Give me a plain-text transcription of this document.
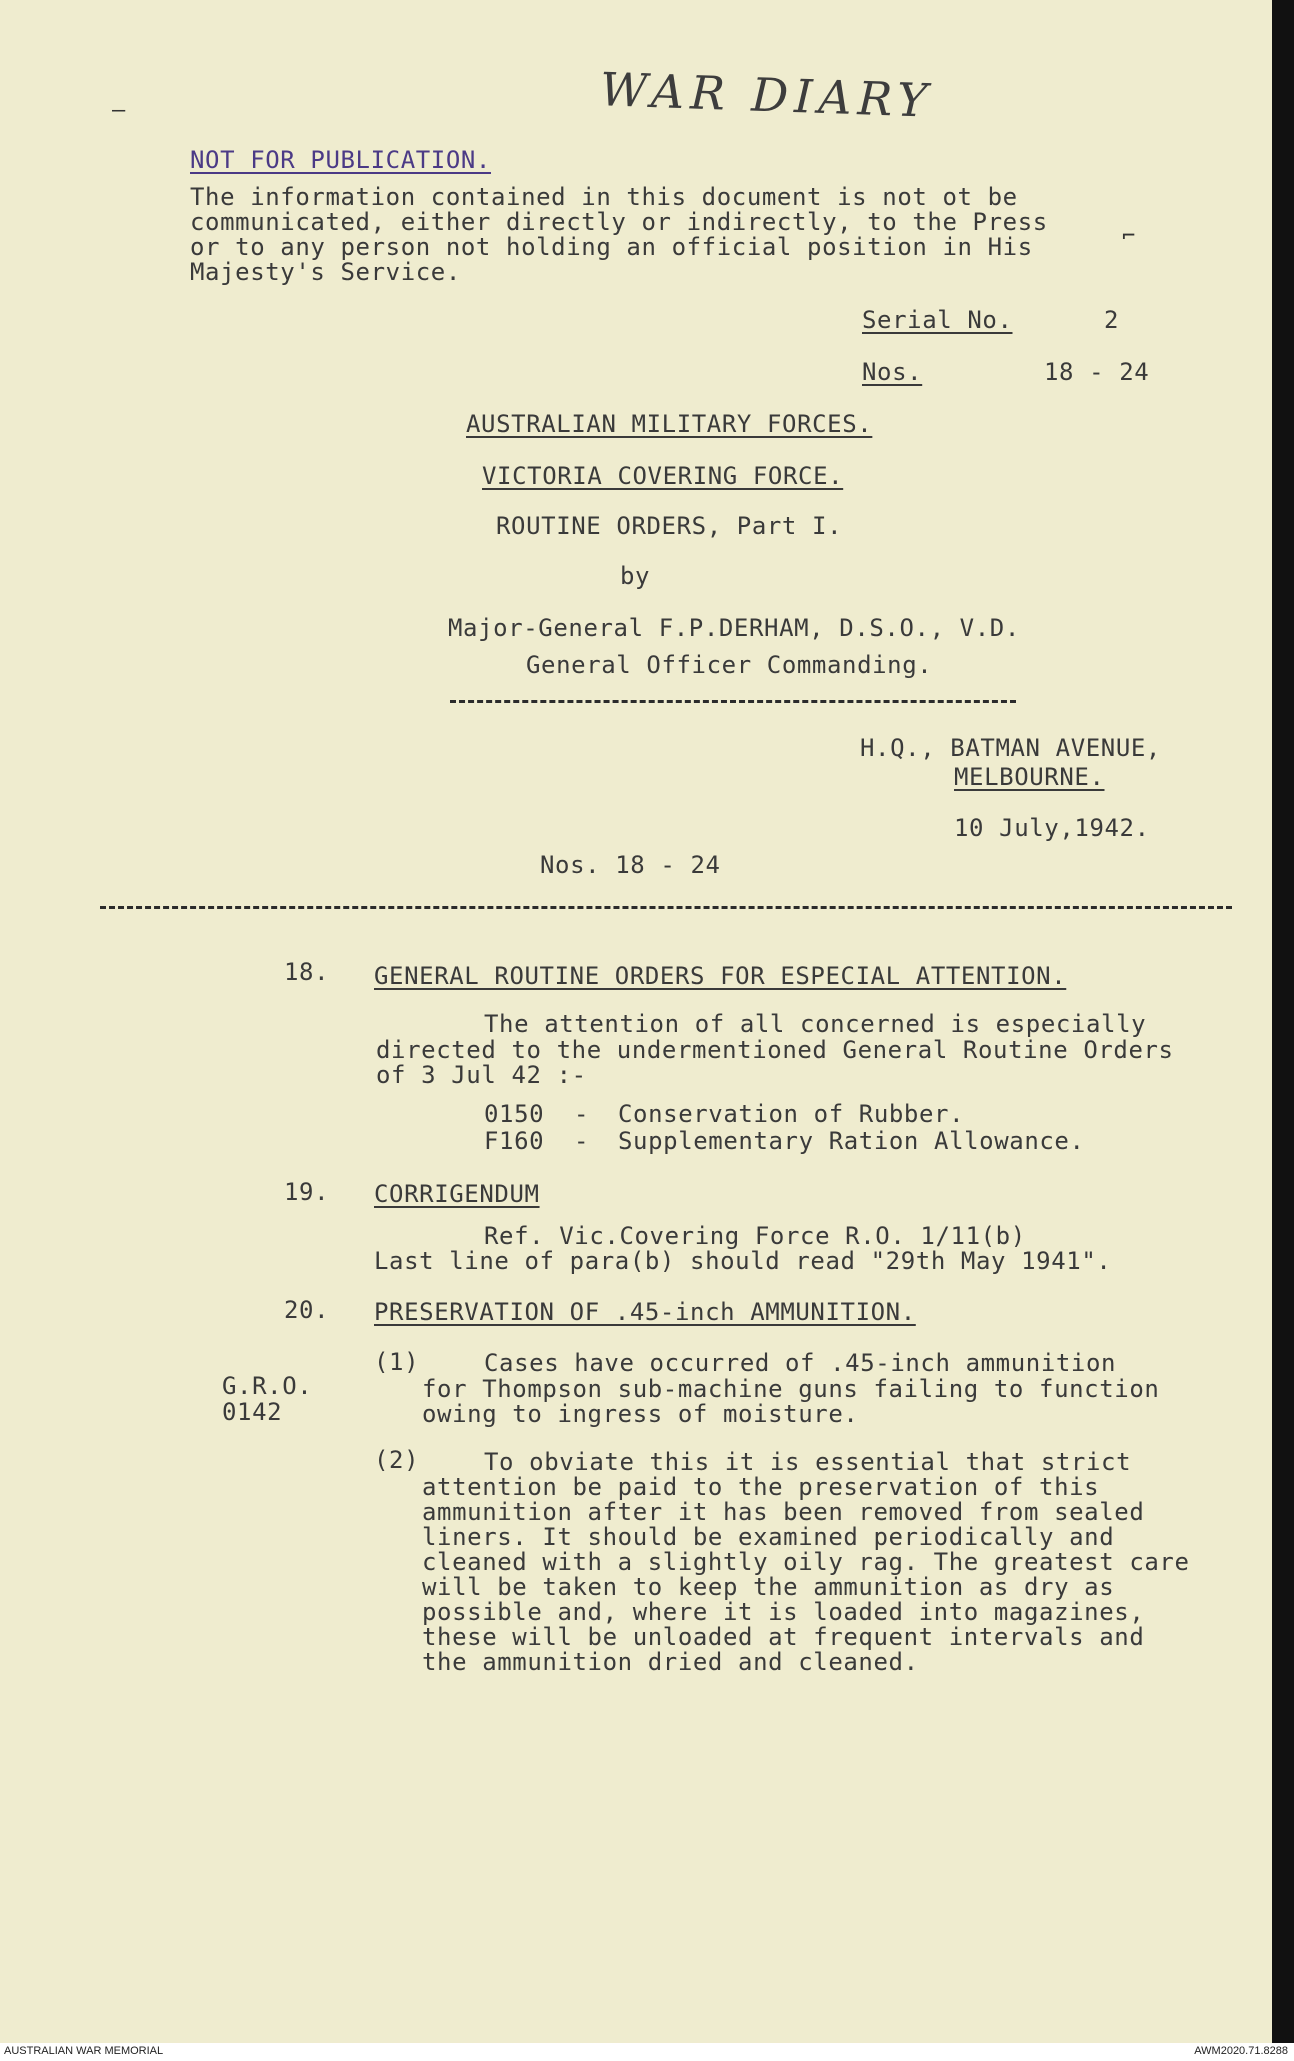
WAR DIARY
—
⌐
NOT FOR PUBLICATION.
The information contained in this document is not ot be
communicated, either directly or indirectly, to the Press
or to any person not holding an official position in His
Majesty's Service.
Serial No.	2
Nos.	18 - 24
AUSTRALIAN MILITARY FORCES.
VICTORIA COVERING FORCE.
ROUTINE ORDERS, Part I.
by
Major-General F.P.DERHAM, D.S.O., V.D.
General Officer Commanding.
H.Q., BATMAN AVENUE,
MELBOURNE.
10 July,1942.
Nos. 18 - 24
18. GENERAL ROUTINE ORDERS FOR ESPECIAL ATTENTION.
The attention of all concerned is especially
directed to the undermentioned General Routine Orders
of 3 Jul 42 :-
0150 - Conservation of Rubber.
F160 - Supplementary Ration Allowance.
19. CORRIGENDUM
Ref. Vic.Covering Force R.O. 1/11(b)
Last line of para(b) should read "29th May 1941".
20. PRESERVATION OF .45-inch AMMUNITION.
G.R.O.
0142
(1)	Cases have occurred of .45-inch ammunition
for Thompson sub-machine guns failing to function
owing to ingress of moisture.
(2)	To obviate this it is essential that strict
attention be paid to the preservation of this
ammunition after it has been removed from sealed
liners. It should be examined periodically and
cleaned with a slightly oily rag. The greatest care
will be taken to keep the ammunition as dry as
possible and, where it is loaded into magazines,
these will be unloaded at frequent intervals and
the ammunition dried and cleaned.
AUSTRALIAN WAR MEMORIAL	AWM2020.71.8288
